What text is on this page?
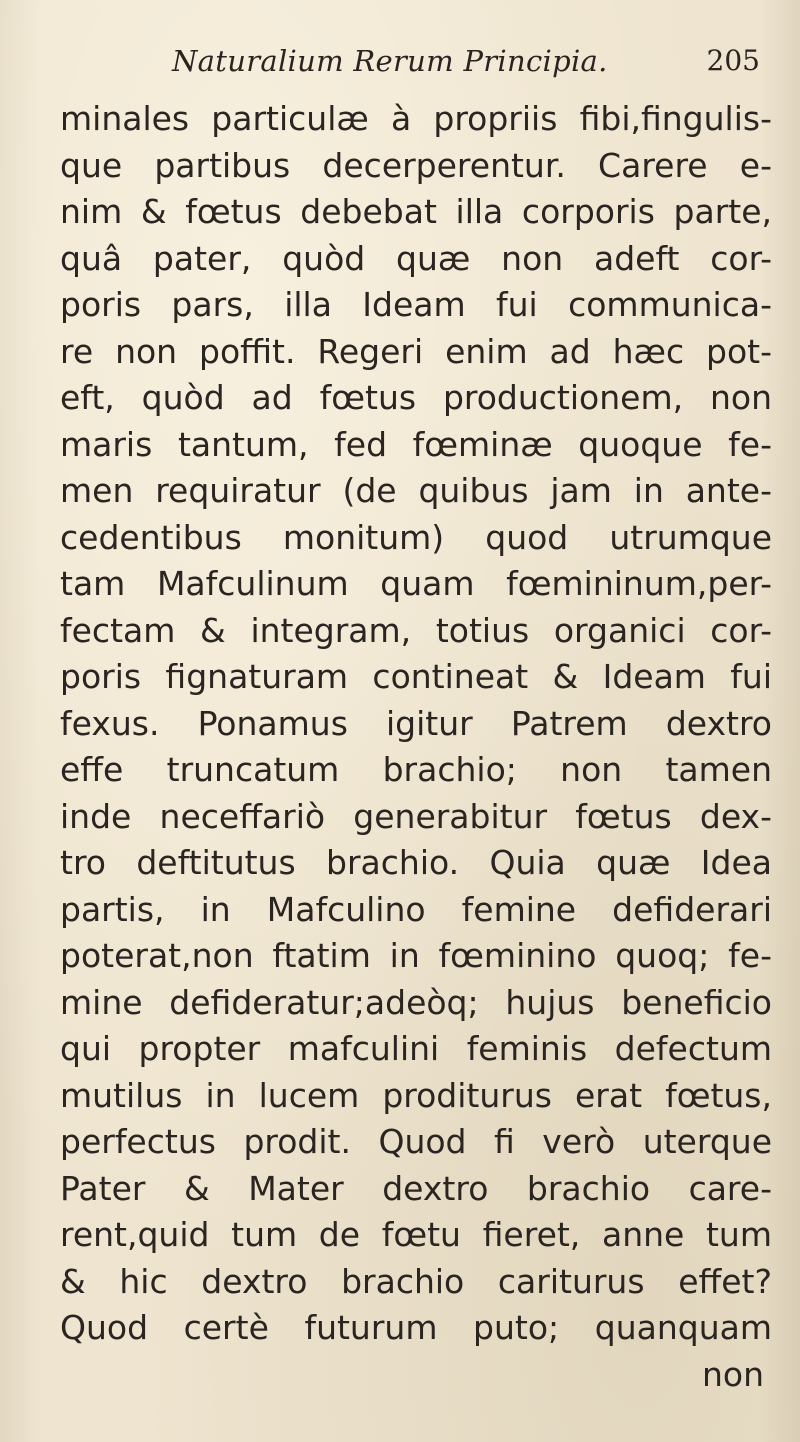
Naturalium Rerum Principia.	205
minales particulæ à propriis fibi,fingulis-
que partibus decerperentur. Carere e-
nim & fœtus debebat illa corporis parte,
quâ pater, quòd quæ non adeft cor-
poris pars, illa Ideam fui communica-
re non poffit. Regeri enim ad hæc pot-
eft, quòd ad fœtus productionem, non
maris tantum, fed fœminæ quoque fe-
men requiratur (de quibus jam in ante-
cedentibus monitum) quod utrumque
tam Mafculinum quam fœmininum,per-
fectam & integram, totius organici cor-
poris fignaturam contineat & Ideam fui
fexus. Ponamus igitur Patrem dextro
effe truncatum brachio; non tamen
inde neceffariò generabitur fœtus dex-
tro deftitutus brachio. Quia quæ Idea
partis, in Mafculino femine defiderari
poterat,non ftatim in fœminino quoq; fe-
mine defideratur;adeòq; hujus beneficio
qui propter mafculini feminis defectum
mutilus in lucem proditurus erat fœtus,
perfectus prodit. Quod fi verò uterque
Pater & Mater dextro brachio care-
rent,quid tum de fœtu fieret, anne tum
& hic dextro brachio cariturus effet?
Quod certè futurum puto; quanquam
non
